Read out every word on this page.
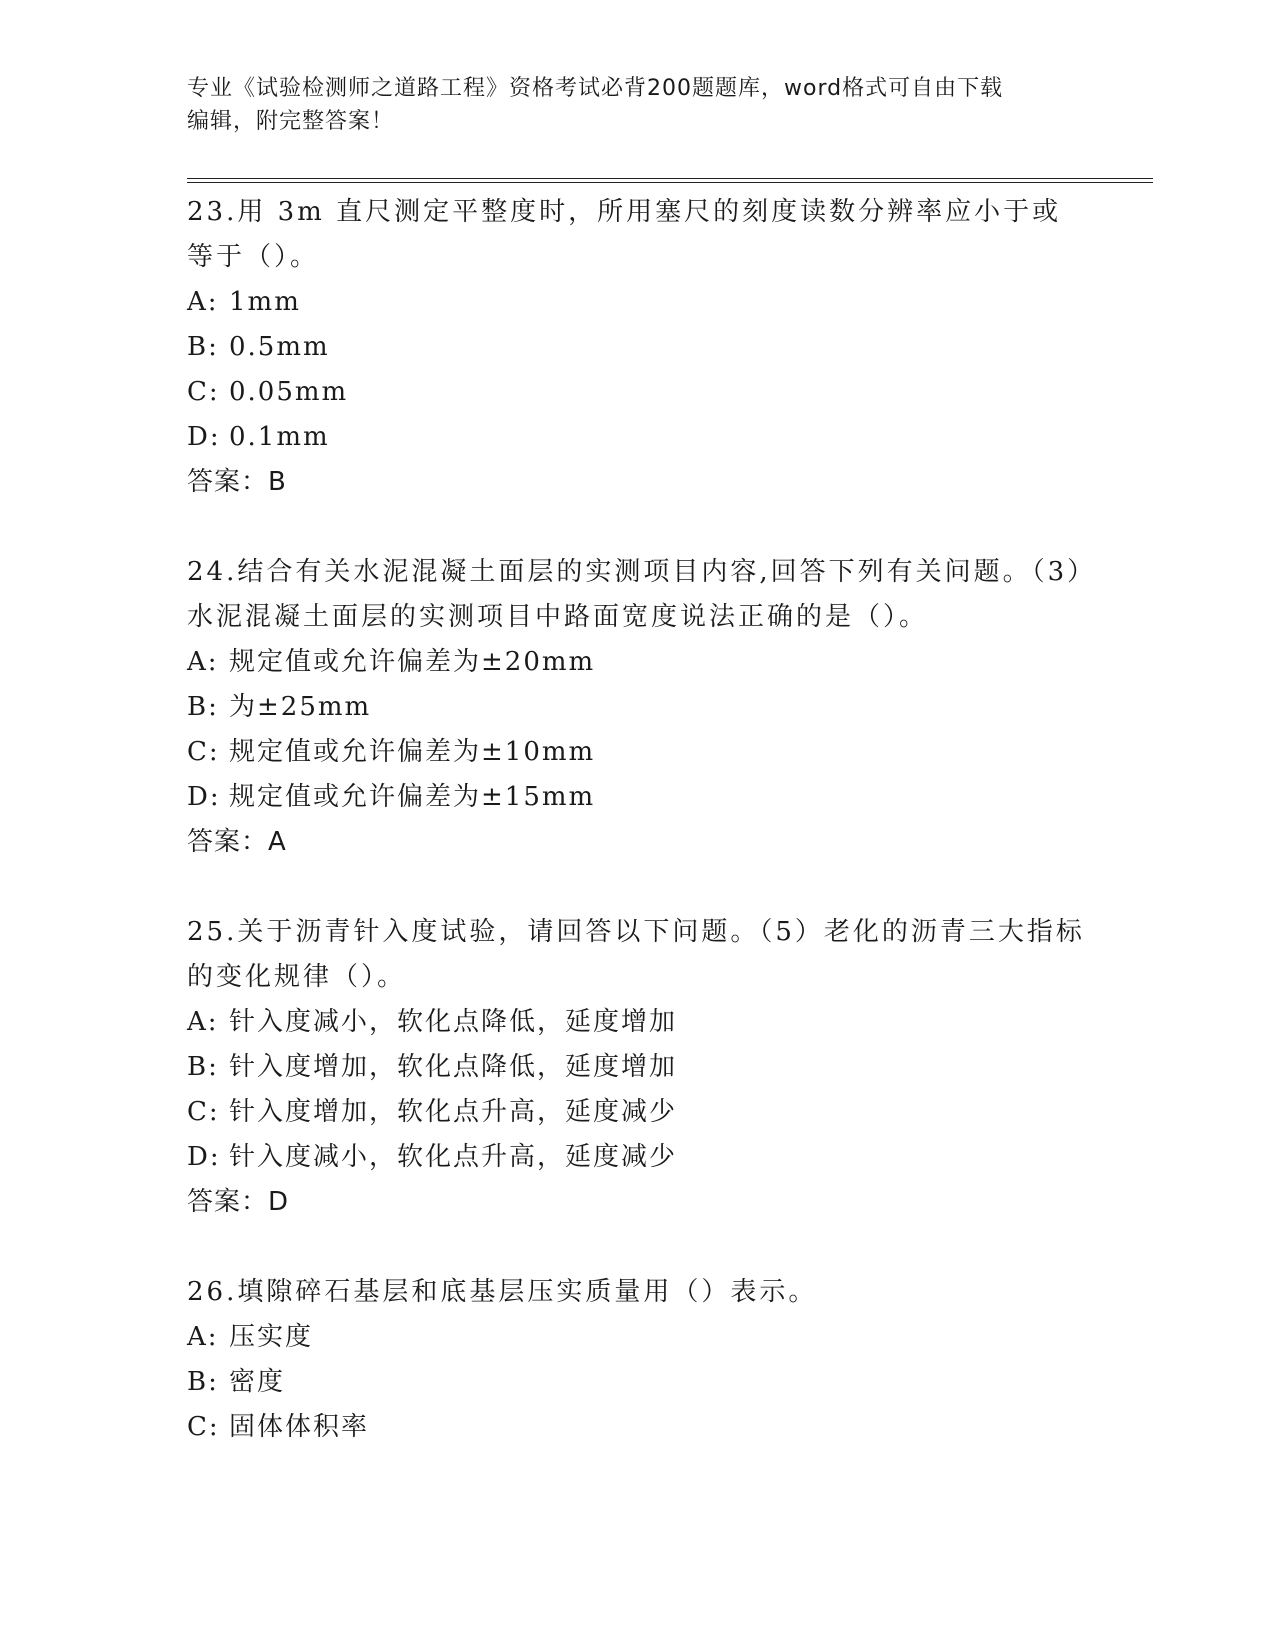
专业《试验检测师之道路工程》资格考试必背200题题库，word格式可自由下载
编辑，附完整答案！

23.用 3m 直尺测定平整度时，所用塞尺的刻度读数分辨率应小于或等于（）。

A: 1mm
B: 0.5mm
C: 0.05mm
D: 0.1mm
答案：B

24.结合有关水泥混凝土面层的实测项目内容,回答下列有关问题。（3）水泥混凝土面层的实测项目中路面宽度说法正确的是（）。

A: 规定值或允许偏差为±20mm
B: 为±25mm
C: 规定值或允许偏差为±10mm
D: 规定值或允许偏差为±15mm
答案：A

25.关于沥青针入度试验，请回答以下问题。（5）老化的沥青三大指标的变化规律（）。

A: 针入度减小，软化点降低，延度增加
B: 针入度增加，软化点降低，延度增加
C: 针入度增加，软化点升高，延度减少
D: 针入度减小，软化点升高，延度减少
答案：D

26.填隙碎石基层和底基层压实质量用（）表示。

A: 压实度
B: 密度
C: 固体体积率
